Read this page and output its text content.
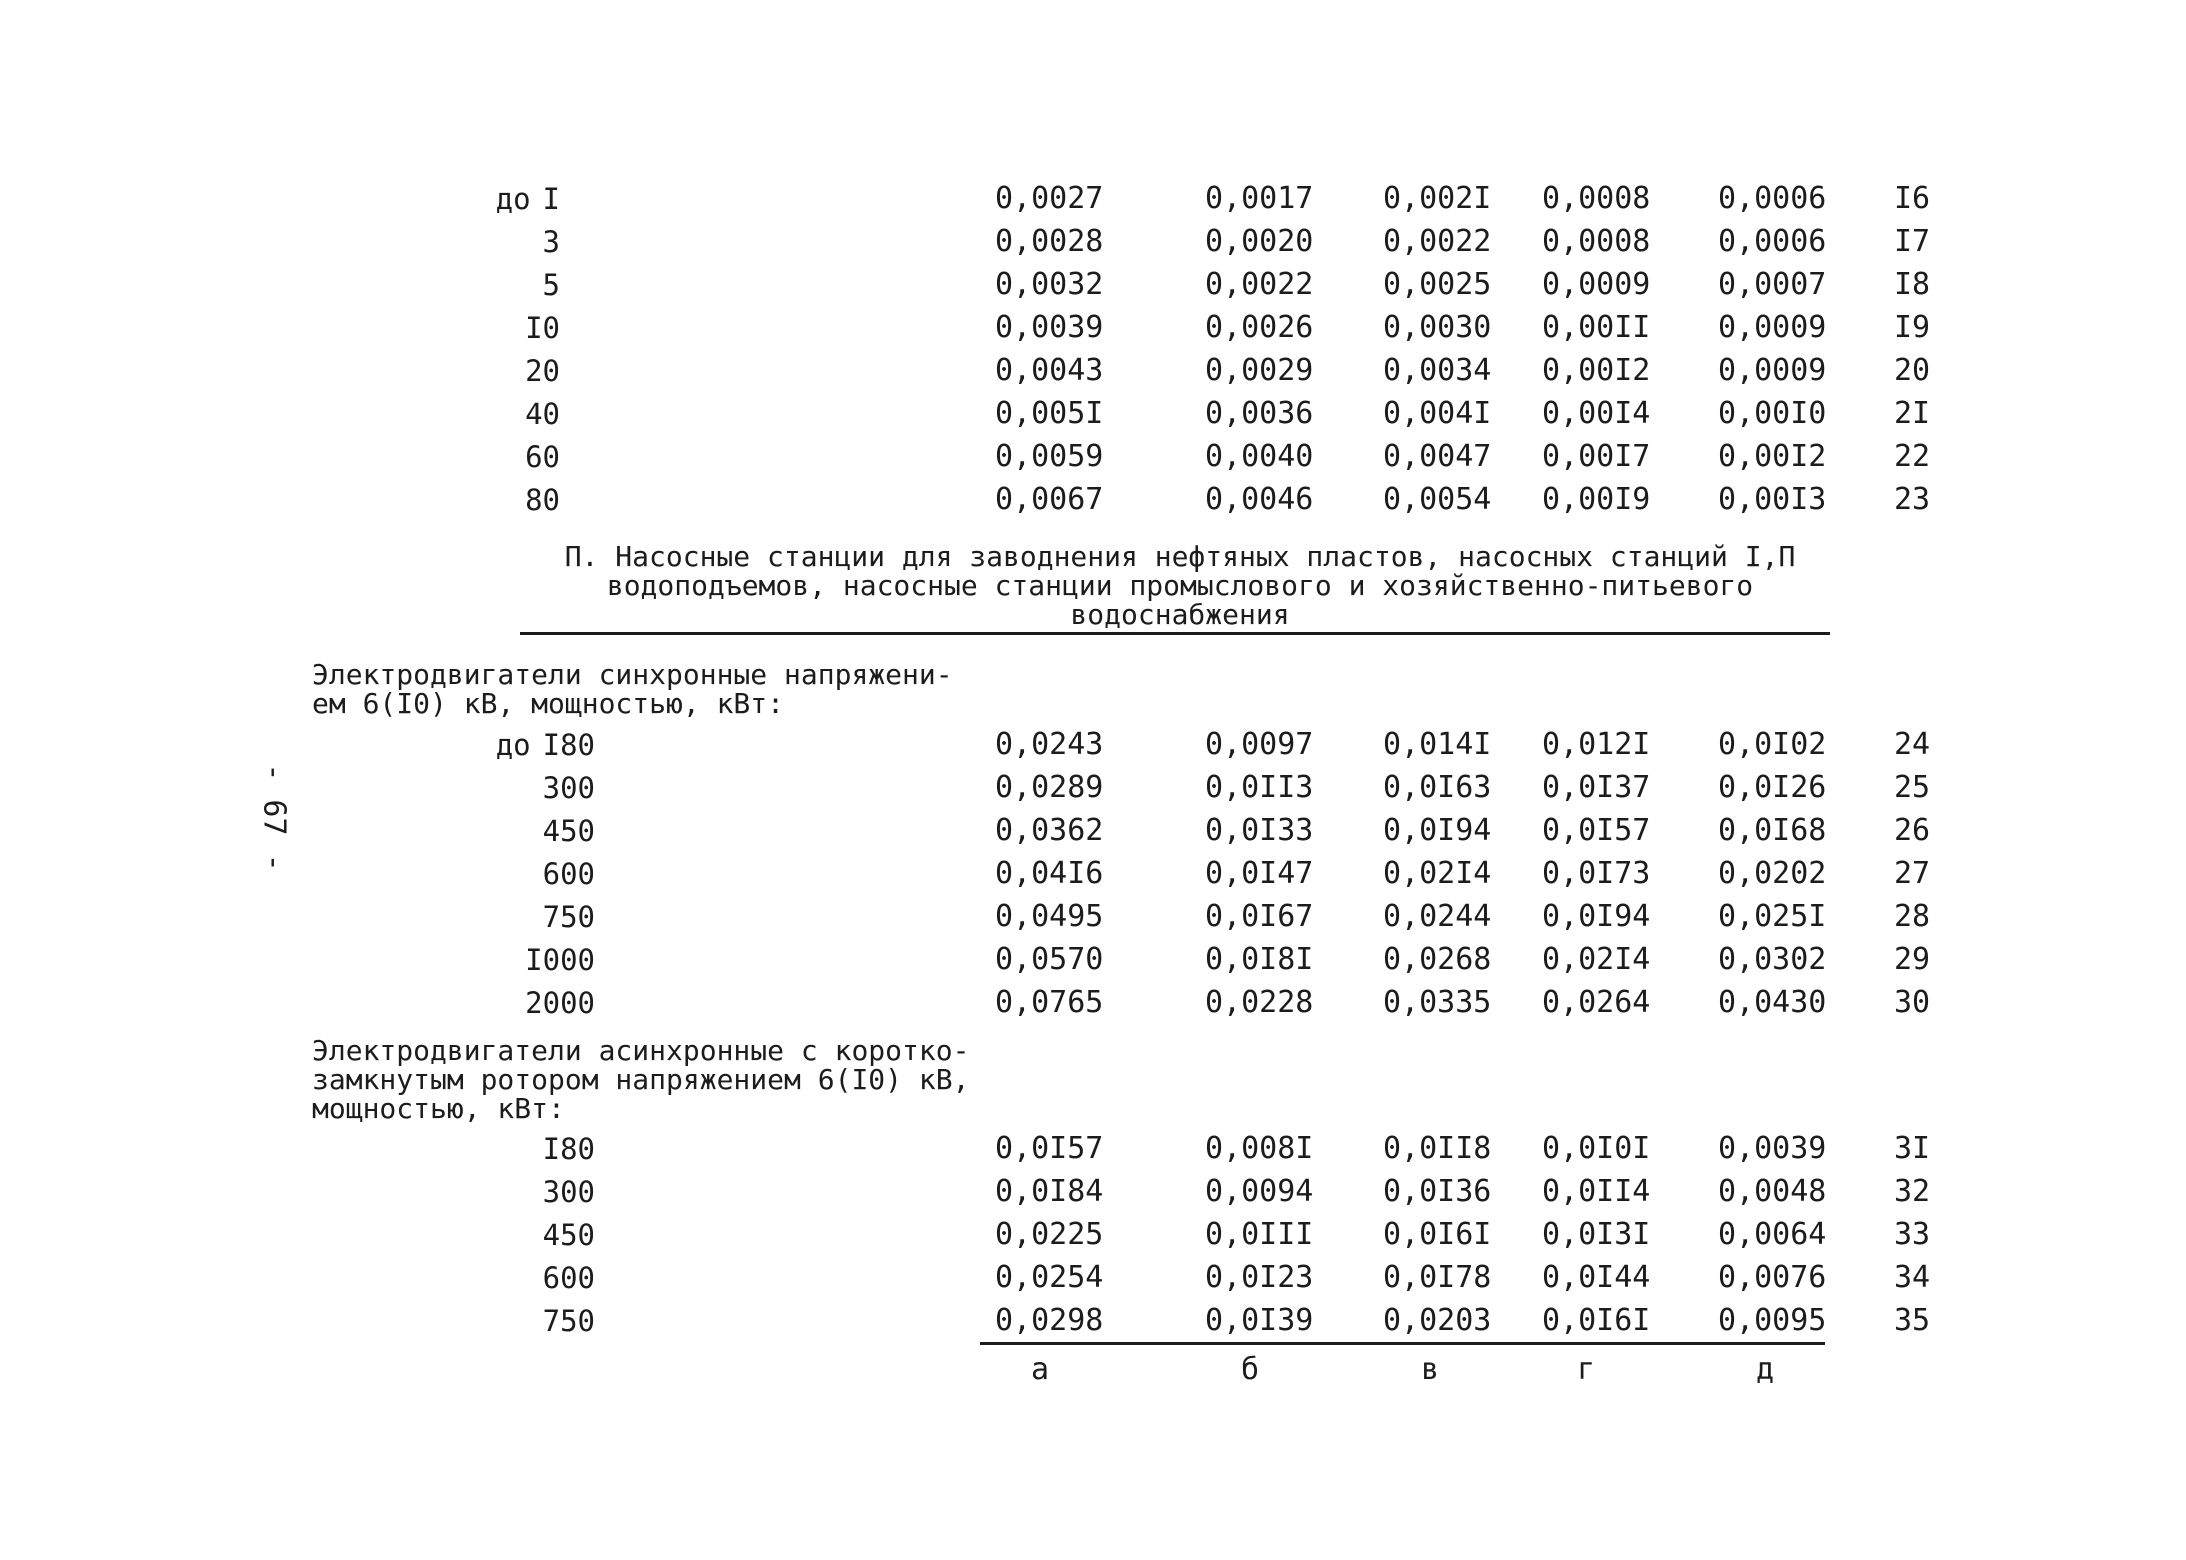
- 67 -
до I	0,0027	0,0017 0,002I 0,0008 0,0006 I6
3	0,0028	0,0020 0,0022 0,0008 0,0006 I7
5	0,0032	0,0022 0,0025 0,0009 0,0007 I8
I0	0,0039	0,0026 0,0030 0,00II 0,0009 I9
20	0,0043	0,0029 0,0034 0,00I2 0,0009 20
40	0,005I	0,0036 0,004I 0,00I4 0,00I0 2I
60	0,0059	0,0040 0,0047 0,00I7 0,00I2 22
80	0,0067	0,0046 0,0054 0,00I9 0,00I3 23
П. Насосные станции для заводнения нефтяных пластов, насосных станций I,П
водоподъемов, насосные станции промыслового и хозяйственно-питьевого
водоснабжения
Электродвигатели синхронные напряжени-
ем 6(I0) кВ, мощностью, кВт:
до I80	0,0243	0,0097 0,014I 0,012I 0,0I02 24
300	0,0289	0,0II3 0,0I63 0,0I37 0,0I26 25
450	0,0362	0,0I33 0,0I94 0,0I57 0,0I68 26
600	0,04I6	0,0I47 0,02I4 0,0I73 0,0202 27
750	0,0495	0,0I67 0,0244 0,0I94 0,025I 28
I000	0,0570	0,0I8I 0,0268 0,02I4 0,0302 29
2000	0,0765	0,0228 0,0335 0,0264 0,0430 30
Электродвигатели асинхронные с коротко-
замкнутым ротором напряжением 6(I0) кВ,
мощностью, кВт:
I80	0,0I57	0,008I 0,0II8 0,0I0I 0,0039 3I
300	0,0I84	0,0094 0,0I36 0,0II4 0,0048 32
450	0,0225	0,0III 0,0I6I 0,0I3I 0,0064 33
600	0,0254	0,0I23 0,0I78 0,0I44 0,0076 34
750	0,0298	0,0I39 0,0203 0,0I6I 0,0095 35
а	б	в	г	д
